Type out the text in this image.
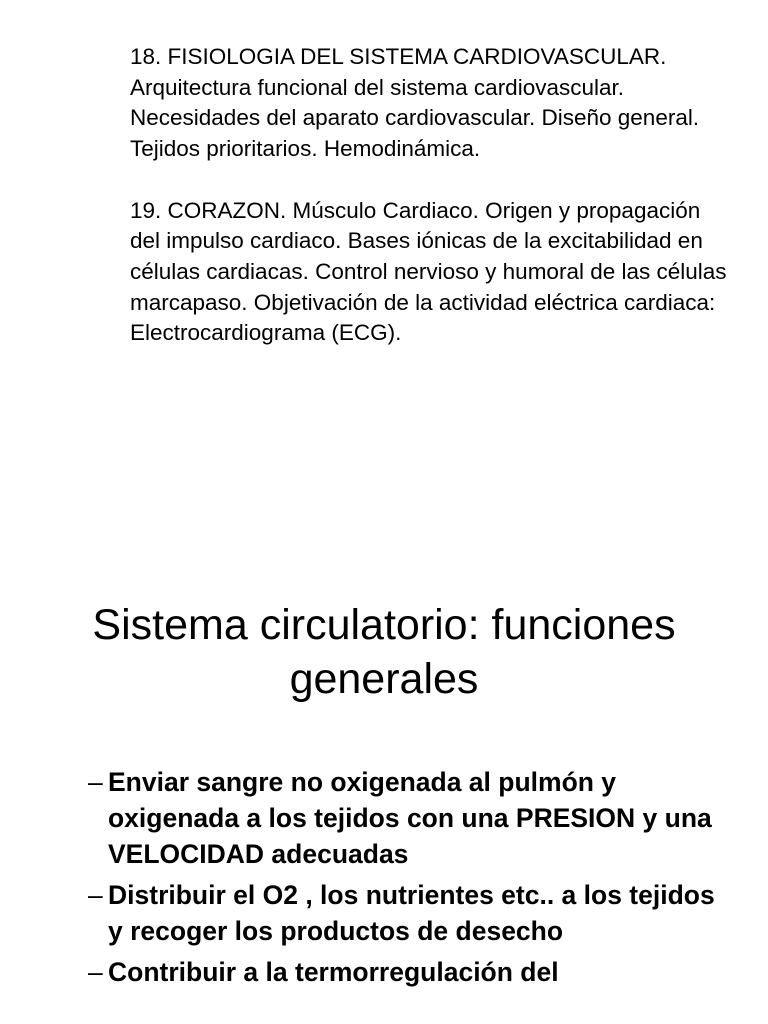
18. FISIOLOGIA DEL SISTEMA CARDIOVASCULAR. Arquitectura funcional del sistema cardiovascular. Necesidades del aparato cardiovascular. Diseño general. Tejidos prioritarios. Hemodinámica.

19. CORAZON. Músculo Cardiaco. Origen y propagación del impulso cardiaco. Bases iónicas de la excitabilidad en células cardiacas. Control nervioso y humoral de las células marcapaso. Objetivación de la actividad eléctrica cardiaca: Electrocardiograma (ECG).

Sistema circulatorio: funciones generales
– Enviar sangre no oxigenada al pulmón y oxigenada a los tejidos con una PRESION y una VELOCIDAD adecuadas
– Distribuir el O2 , los nutrientes etc.. a los tejidos y recoger los productos de desecho
– Contribuir a la termorregulación del
